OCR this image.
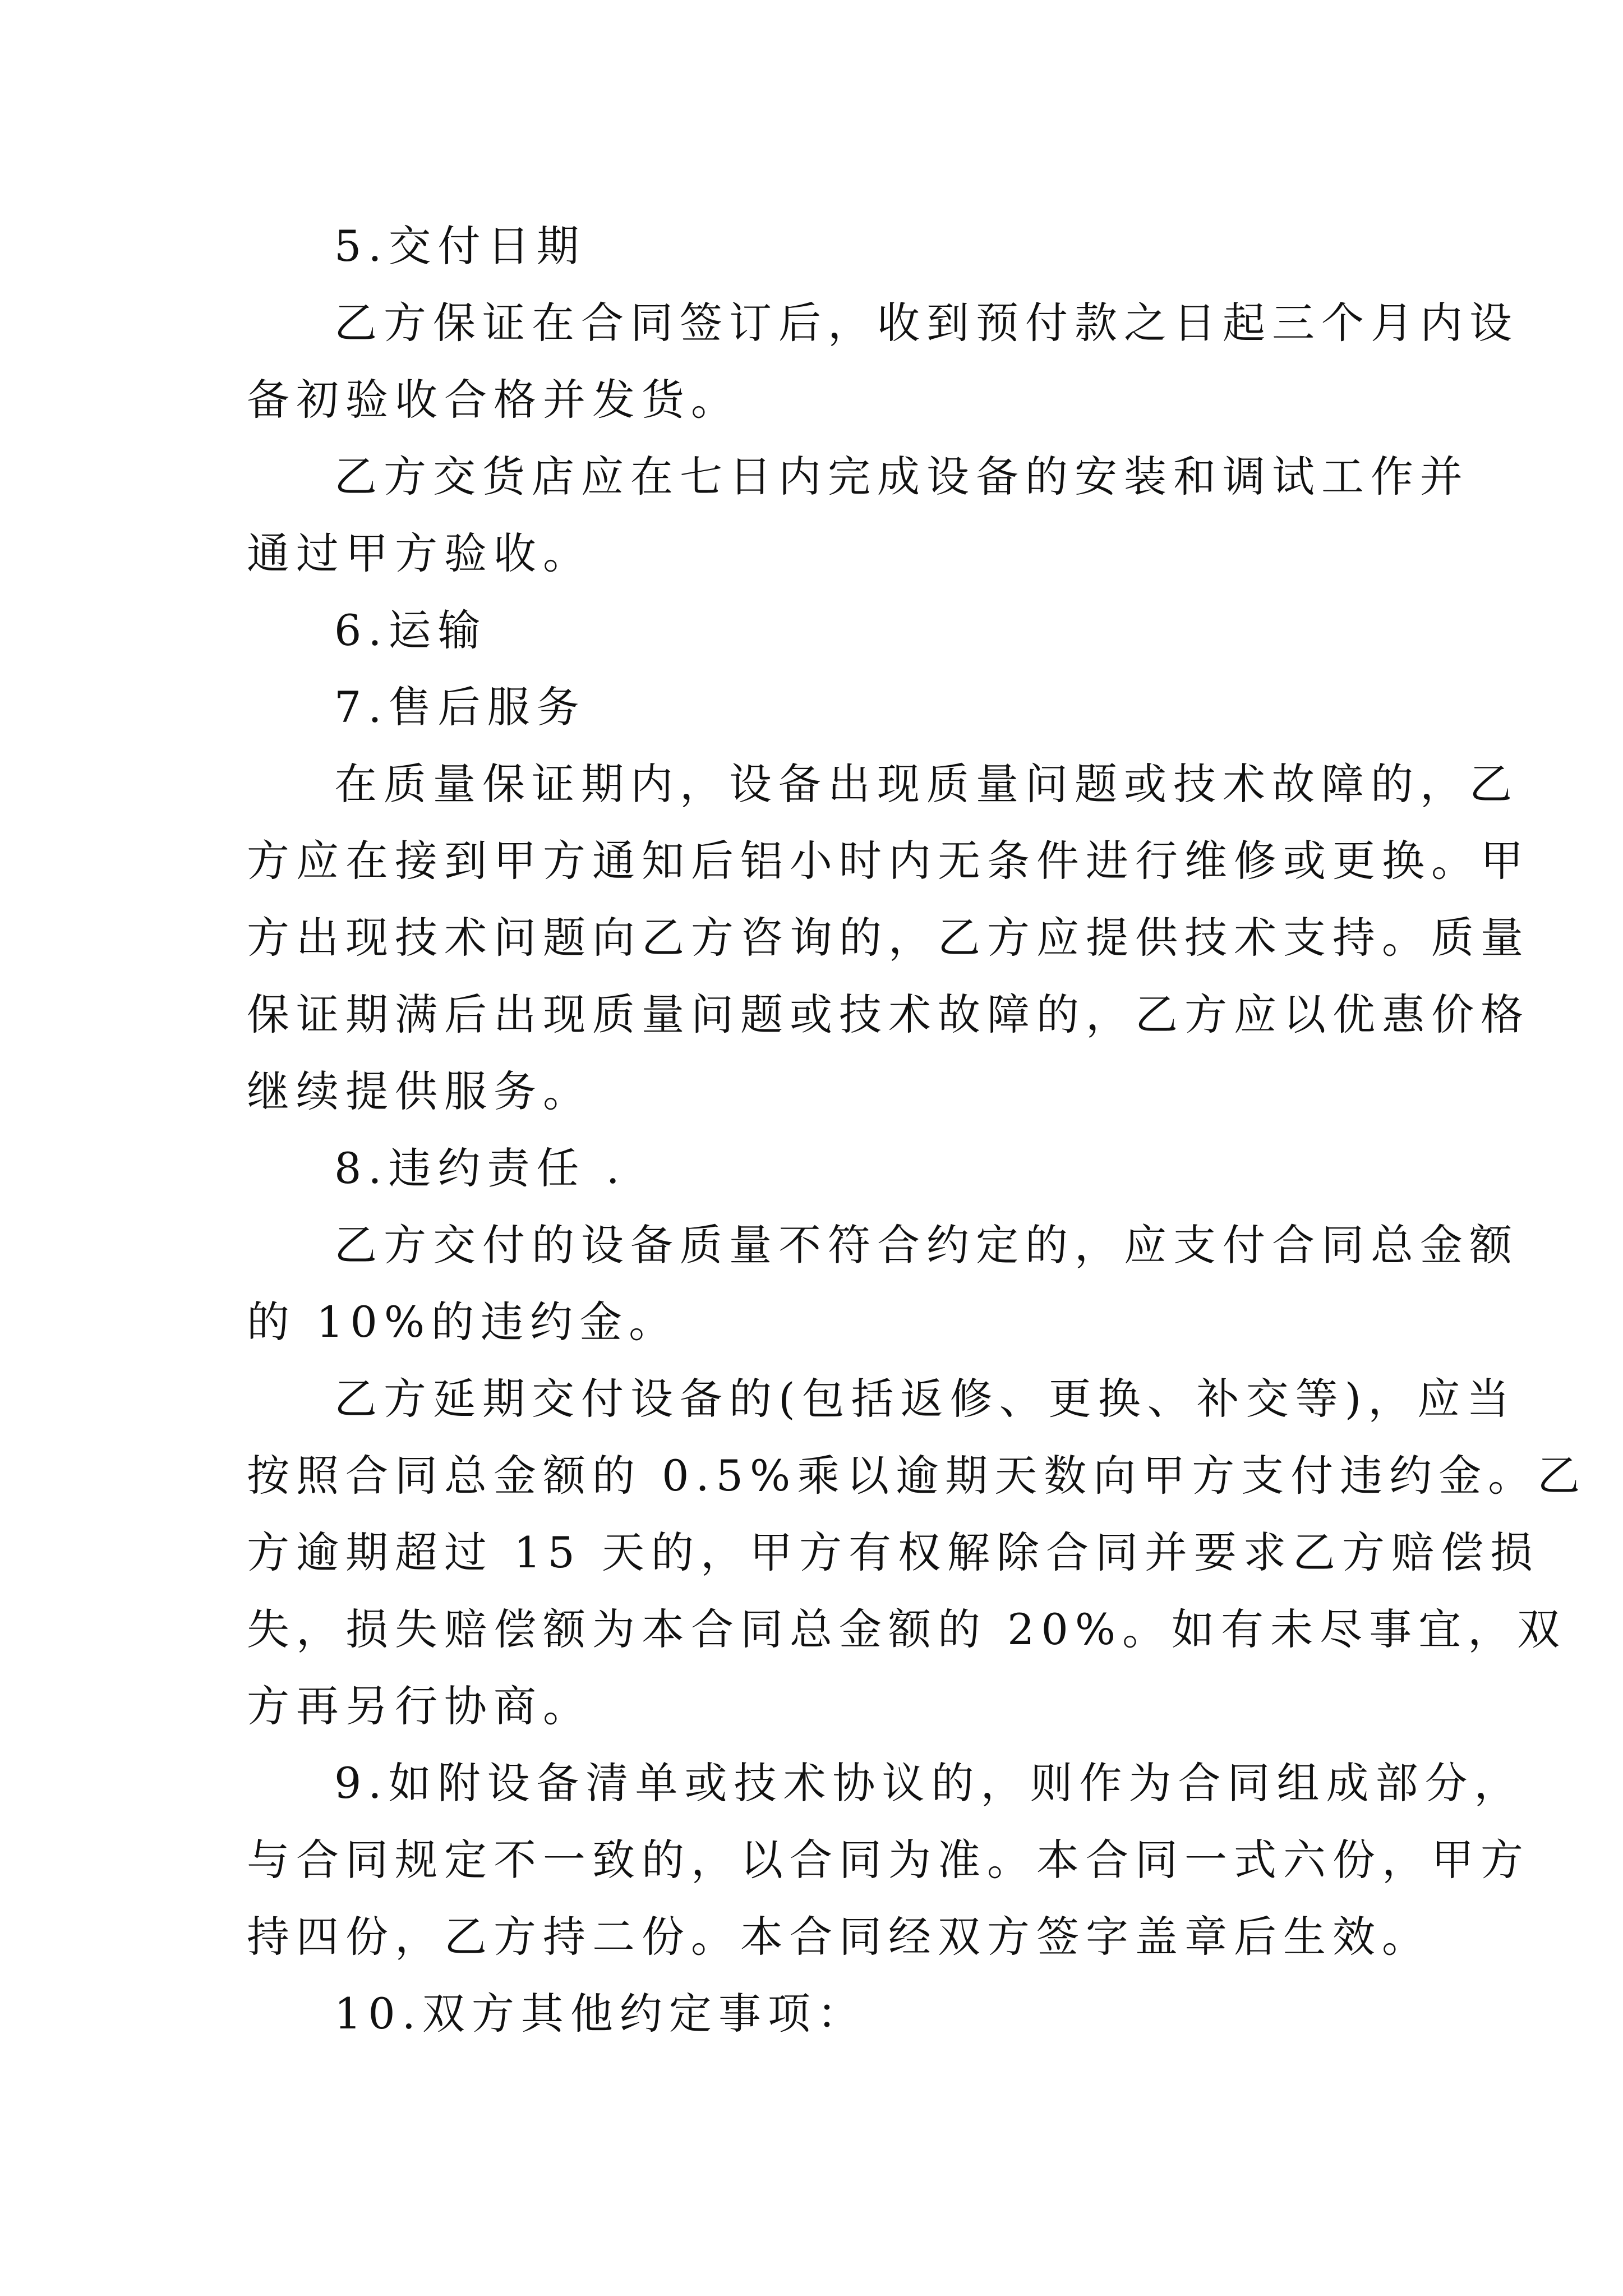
5.交付日期
乙方保证在合同签订后，收到预付款之日起三个月内设
备初验收合格并发货。
乙方交货店应在七日内完成设备的安装和调试工作并
通过甲方验收。
6.运输
7.售后服务
在质量保证期内，设备出现质量问题或技术故障的，乙
方应在接到甲方通知后铝小时内无条件进行维修或更换。甲
方出现技术问题向乙方咨询的，乙方应提供技术支持。质量
保证期满后出现质量问题或技术故障的，乙方应以优惠价格
继续提供服务。
8.违约责任 .
乙方交付的设备质量不符合约定的，应支付合同总金额
的 10%的违约金。
乙方延期交付设备的(包括返修、更换、补交等)，应当
按照合同总金额的 0.5%乘以逾期天数向甲方支付违约金。乙
方逾期超过 15 天的，甲方有权解除合同并要求乙方赔偿损
失，损失赔偿额为本合同总金额的 20%。如有未尽事宜，双
方再另行协商。
9.如附设备清单或技术协议的，则作为合同组成部分，
与合同规定不一致的，以合同为准。本合同一式六份，甲方
持四份，乙方持二份。本合同经双方签字盖章后生效。
10.双方其他约定事项：
